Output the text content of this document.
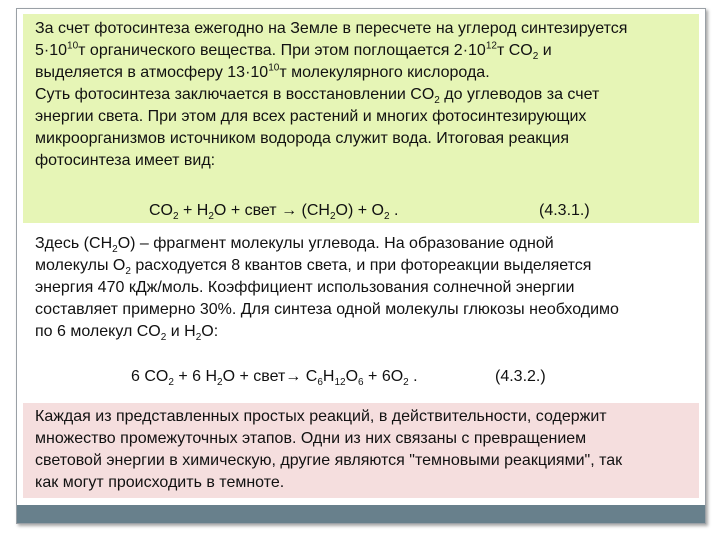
За счет фотосинтеза ежегодно на Земле в пересчете на углерод синтезируется

$5\cdot 10^{10}т$ органического вещества. При этом поглощается $2\cdot 10^{12}т$ $CO_2$ и

выделяется в атмосферу $13\cdot 10^{10}т$ молекулярного кислорода.

Суть фотосинтеза заключается в восстановлении $CO_2$ до углеводов за счет

энергии света. При этом для всех растений и многих фотосинтезирующих

микроорганизмов источником водорода служит вода. Итоговая реакция

фотосинтеза имеет вид:

$CO_2 + H_2O$ + свет → $(CH_2O) + O_2$ .	(4.3.1.)

Здесь $(CH_2O)$ – фрагмент молекулы углевода. На образование одной

молекулы $O_2$ расходуется 8 квантов света, и при фотореакции выделяется

энергия 470 кДж/моль. Коэффициент использования солнечной энергии

составляет примерно 30%. Для синтеза одной молекулы глюкозы необходимо

по 6 молекул $CO_2$ и $H_2O$:

6 $CO_2 + 6$ $H_2O$ + свет→ $C_6H_{12}O_6 + 6O_2$ .	(4.3.2.)

Каждая из представленных простых реакций, в действительности, содержит

множество промежуточных этапов. Одни из них связаны с превращением

световой энергии в химическую, другие являются "темновыми реакциями", так

как могут происходить в темноте.
